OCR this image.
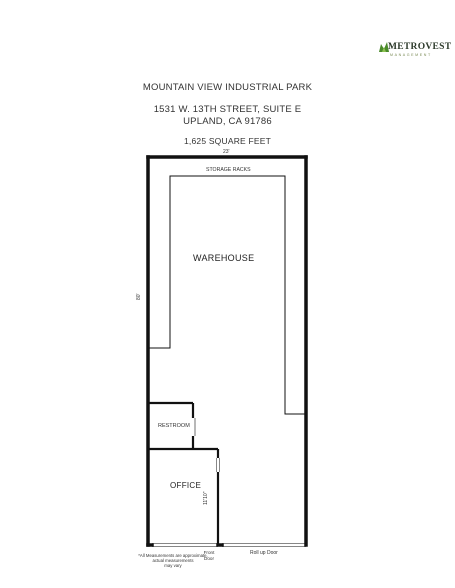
METROVEST
MANAGEMENT
MOUNTAIN VIEW INDUSTRIAL PARK
1531 W. 13TH STREET, SUITE E
UPLAND, CA 91786
1,625 SQUARE FEET
23'
80'
11'10"
STORAGE RACKS
WAREHOUSE
RESTROOM
OFFICE
Front
Door
Roll up Door
*All Measurements are approximate,
actual measurements
may vary
